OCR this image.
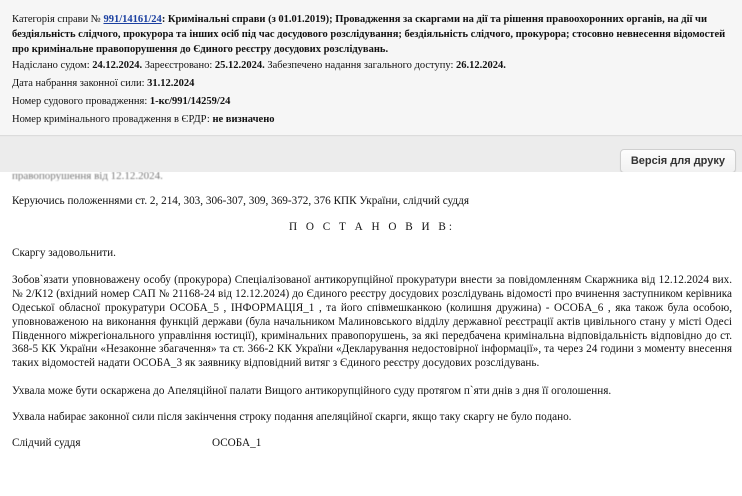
Категорія справи № 991/14161/24: Кримінальні справи (з 01.01.2019); Провадження за скаргами на дії та рішення правоохоронних органів, на дії чи бездіяльність слідчого, прокурора та інших осіб під час досудового розслідування; бездіяльність слідчого, прокурора; стосовно невнесення відомостей про кримінальне правопорушення до Єдиного реєстру досудових розслідувань.
Надіслано судом: 24.12.2024. Зареєстровано: 25.12.2024. Забезпечено надання загального доступу: 26.12.2024.
Дата набрання законної сили: 31.12.2024
Номер судового провадження: 1-кс/991/14259/24
Номер кримінального провадження в ЄРДР: не визначено
Версія для друку
правопорушення від 12.12.2024.

Керуючись положеннями ст. 2, 214, 303, 306-307, 309, 369-372, 376 КПК України, слідчий суддя

П О С Т А Н О В И В:

Скаргу задовольнити.

Зобов`язати уповноважену особу (прокурора) Спеціалізованої антикорупційної прокуратури внести за повідомленням Скаржника від 12.12.2024 вих. № 2/К12 (вхідний номер САП № 21168-24 від 12.12.2024) до Єдиного реєстру досудових розслідувань відомості про вчинення заступником керівника Одеської обласної прокуратури ОСОБА_5 , ІНФОРМАЦІЯ_1 , та його співмешканкою (колишня дружина) - ОСОБА_6 , яка також була особою, уповноваженою на виконання функцій держави (була начальником Малиновського відділу державної реєстрації актів цивільного стану у місті Одесі Південного міжрегіонального управління юстиції), кримінальних правопорушень, за які передбачена кримінальна відповідальність відповідно до ст. 368-5 КК України «Незаконне збагачення» та ст. 366-2 КК України «Декларування недостовірної інформації», та через 24 години з моменту внесення таких відомостей надати ОСОБА_3 як заявнику відповідний витяг з Єдиного реєстру досудових розслідувань.

Ухвала може бути оскаржена до Апеляційної палати Вищого антикорупційного суду протягом п`яти днів з дня її оголошення.

Ухвала набирає законної сили після закінчення строку подання апеляційної скарги, якщо таку скаргу не було подано.

Слідчий суддя	ОСОБА_1
